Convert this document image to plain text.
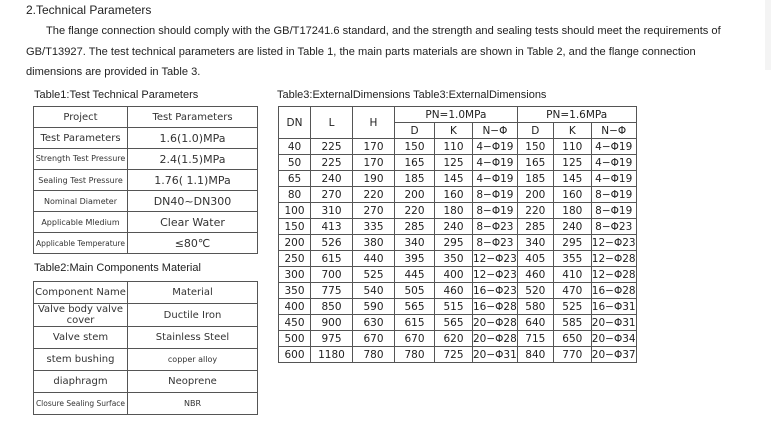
2.Technical Parameters

The flange connection should comply with the GB/T17241.6 standard, and the strength and sealing tests should meet the requirements of GB/T13927. The test technical parameters are listed in Table 1, the main parts materials are shown in Table 2, and the flange connection dimensions are provided in Table 3.

Table1:Test Technical Parameters
Project	Test Parameters
Test Parameters	1.6(1.0)MPa
Strength Test Pressure	2.4(1.5)MPa
Sealing Test Pressure	1.76( 1.1)MPa
Nominal Diameter	DN40~DN300
Applicable Mledium	Clear Water
Applicable Temperature	≤80℃
Table2:Main Components Material
Component Name	Material
Valve body valve cover	Ductile Iron
Valve stem	Stainless Steel
stem bushing	copper alloy
diaphragm	Neoprene
Closure Sealing Surface	NBR
Table3:ExternalDimensions Table3:ExternalDimensions
DN	L	H	PN=1.0MPa			PN=1.6MPa		
			D	K	N−Φ	D	K	N−Φ
40	225	170	150	110	4−Φ19	150	110	4−Φ19
50	225	170	165	125	4−Φ19	165	125	4−Φ19
65	240	190	185	145	4−Φ19	185	145	4−Φ19
80	270	220	200	160	8−Φ19	200	160	8−Φ19
100	310	270	220	180	8−Φ19	220	180	8−Φ19
150	413	335	285	240	8−Φ23	285	240	8−Φ23
200	526	380	340	295	8−Φ23	340	295	12−Φ23
250	615	440	395	350	12−Φ23	405	355	12−Φ28
300	700	525	445	400	12−Φ23	460	410	12−Φ28
350	775	540	505	460	16−Φ23	520	470	16−Φ28
400	850	590	565	515	16−Φ28	580	525	16−Φ31
450	900	630	615	565	20−Φ28	640	585	20−Φ31
500	975	670	670	620	20−Φ28	715	650	20−Φ34
600	1180	780	780	725	20−Φ31	840	770	20−Φ37
